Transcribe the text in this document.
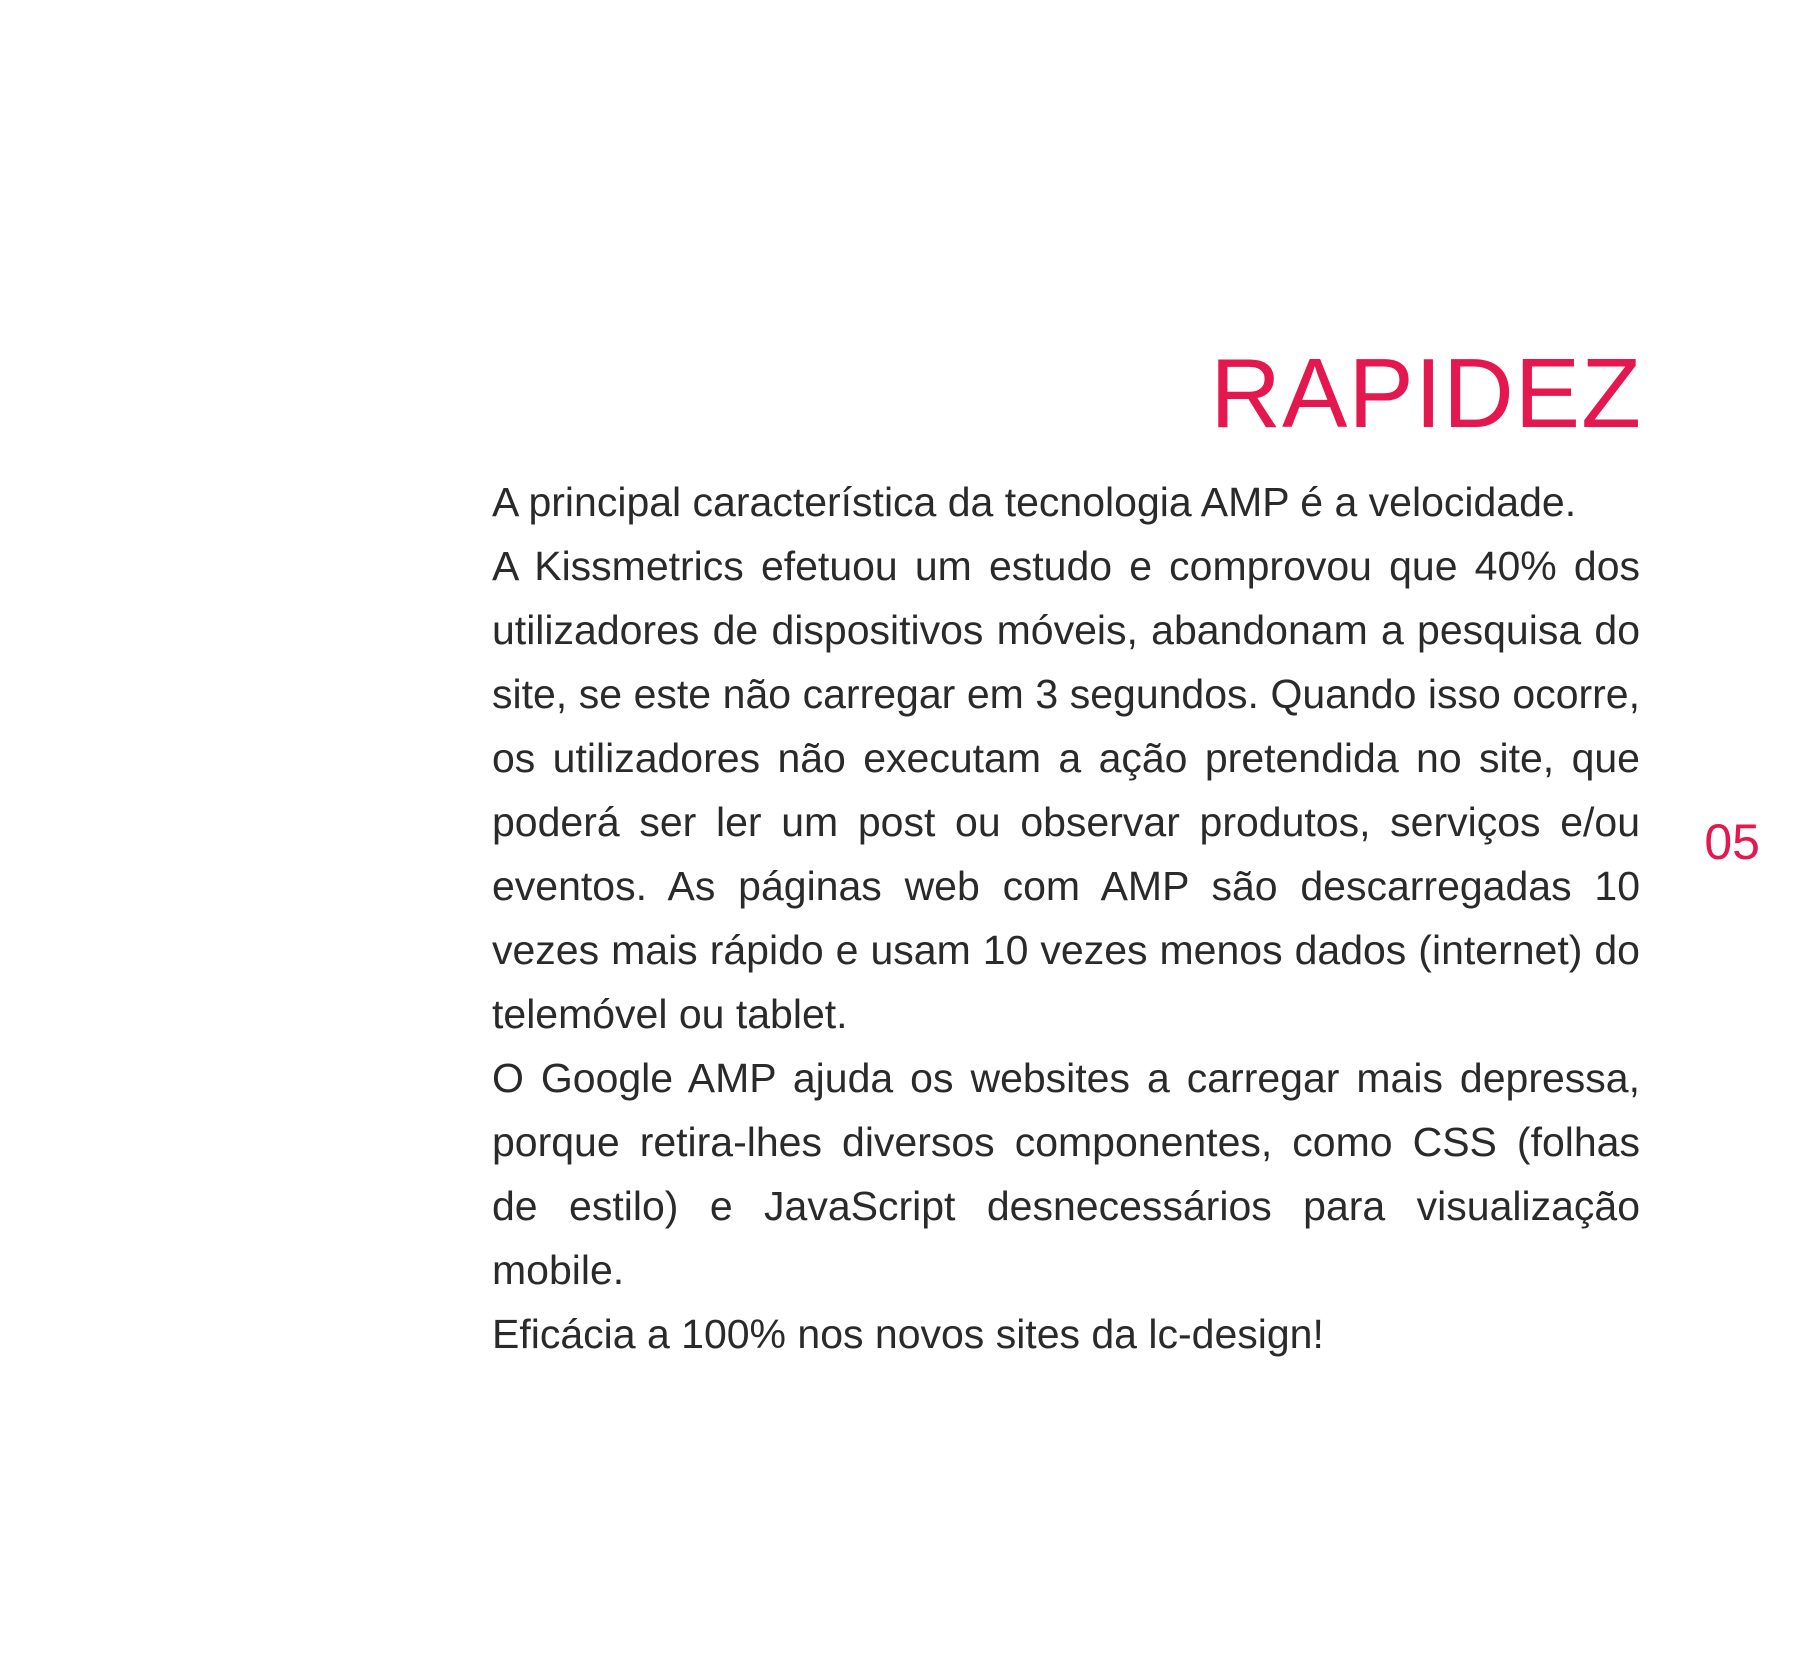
RAPIDEZ

A principal característica da tecnologia AMP é a velocidade.

A Kissmetrics efetuou um estudo e comprovou que 40% dos utilizadores de dispositivos móveis, abandonam a pesquisa do site, se este não carregar em 3 segundos. Quando isso ocorre, os utilizadores não executam a ação pretendida no site, que poderá ser ler um post ou observar produtos, serviços e/ou eventos. As páginas web com AMP são descarregadas 10 vezes mais rápido e usam 10 vezes menos dados (internet) do telemóvel ou tablet.

O Google AMP ajuda os websites a carregar mais depressa, porque retira-lhes diversos componentes, como CSS (folhas de estilo) e JavaScript desnecessários para visualização mobile.

Eficácia a 100% nos novos sites da lc-design!

05
